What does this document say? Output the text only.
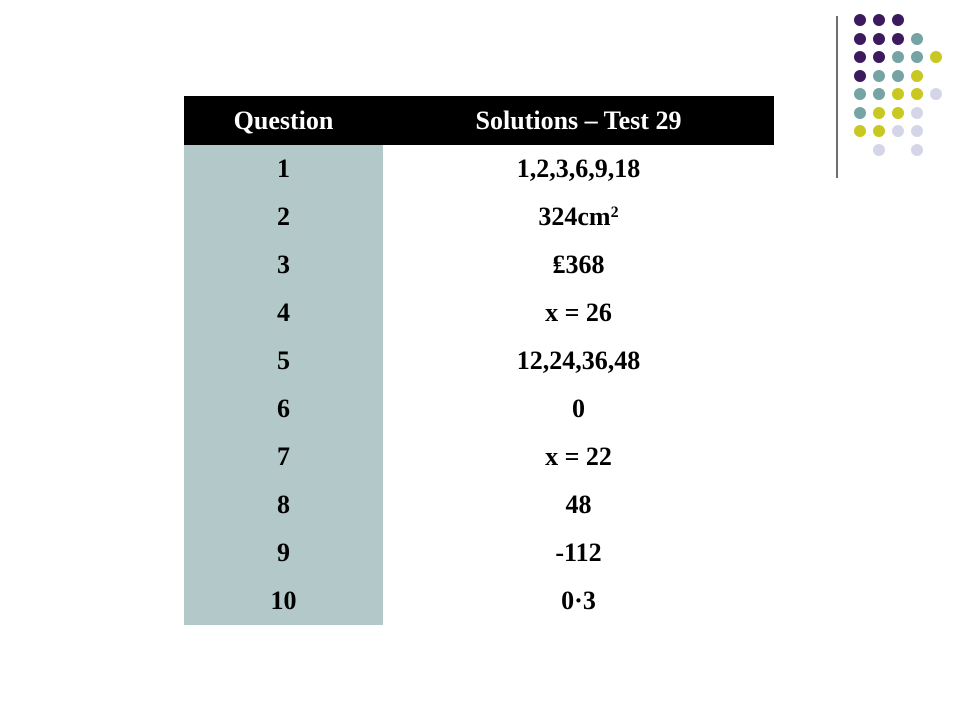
Question	Solutions – Test 29
1	1,2,3,6,9,18
2	$324cm^2$
3	₤368
4	x = 26
5	12,24,36,48
6	0
7	x = 22
8	48
9	-112
10	0·3
